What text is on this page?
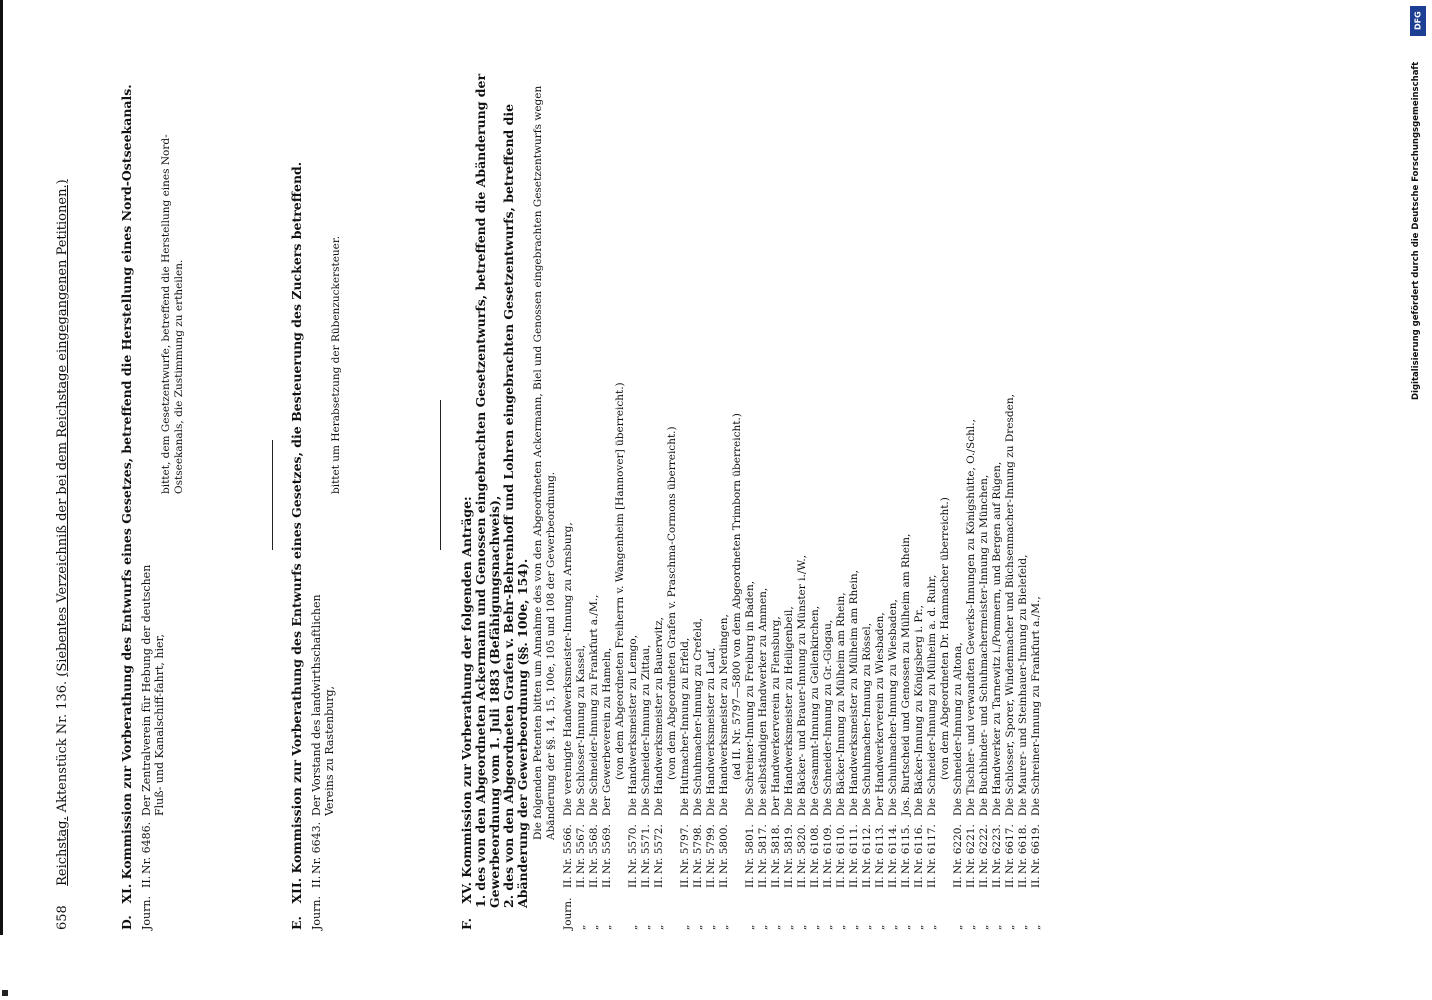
DFG
Digitalisierung gefördert durch die Deutsche Forschungsgemeinschaft
658 Reichstag. Aktenstück Nr. 136. (Siebentes Verzeichniß der bei dem Reichstage eingegangenen Petitionen.)
D. XI. Kommission zur Vorberathung des Entwurfs eines Gesetzes, betreffend die Herstellung eines Nord-Ostseekanals.
Journ.
II.
Nr. 6486.
Der Zentralverein für Hebung der deutschen Fluß- und Kanalschiff-fahrt, hier,
bittet, dem Gesetzentwurfe, betreffend die Herstellung eines Nord-Ostseekanals, die Zustimmung zu ertheilen.
E. XII. Kommission zur Vorberathung des Entwurfs eines Gesetzes, die Besteuerung des Zuckers betreffend.
Journ.
II.
Nr. 6643.
Der Vorstand des landwirthschaftlichen Vereins zu Rastenburg,
bittet um Herabsetzung der Rübenzuckersteuer.
F. XV. Kommission zur Vorberathung der folgenden Anträge: 1. des von den Abgeordneten Ackermann und Genossen eingebrachten Gesetzentwurfs, betreffend die Abänderung der Gewerbeordnung vom 1. Juli 1883 (Befähigungsnachweis), 2. des von den Abgeordneten Grafen v. Behr-Behrenhoff und Lohren eingebrachten Gesetzentwurfs, betreffend die Abänderung der Gewerbeordnung (§§. 100e, 154). Die folgenden Petenten bitten um Annahme des von den Abgeordneten Ackermann, Biel und Genossen eingebrachten Gesetzentwurfs wegen Abänderung der §§. 14, 15, 100e, 105 und 108 der Gewerbeordnung.
Journ.
II.
Nr. 5566.
Die vereinigte Handwerksmeister-Innung zu Arnsburg,
„
II.
Nr. 5567.
Die Schlosser-Innung zu Kassel,
„
II.
Nr. 5568.
Die Schneider-Innung zu Frankfurt a./M.,
„
II.
Nr. 5569.
Der Gewerbeverein zu Hameln, (von dem Abgeordneten Freiherrn v. Wangenheim [Hannover] überreicht.)
„
II.
Nr. 5570.
Die Handwerksmeister zu Lemgo,
„
II.
Nr. 5571.
Die Schneider-Innung zu Zittau,
„
II.
Nr. 5572.
Die Handwerksmeister zu Bauerwitz, (von dem Abgeordneten Grafen v. Praschma-Cormons überreicht.)
„
II.
Nr. 5797.
Die Hutmacher-Innung zu Erfeld,
„
II.
Nr. 5798.
Die Schuhmacher-Innung zu Crefeld,
„
II.
Nr. 5799.
Die Handwerksmeister zu Lauf,
„
II.
Nr. 5800.
Die Handwerksmeister zu Nerdingen, (ad II. Nr. 5797—5800 von dem Abgeordneten Trimborn überreicht.)
„
II.
Nr. 5801.
Die Schreiner-Innung zu Freiburg in Baden,
„
II.
Nr. 5817.
Die selbständigen Handwerker zu Ammen,
„
II.
Nr. 5818.
Der Handwerkerverein zu Flensburg,
„
II.
Nr. 5819.
Die Handwerksmeister zu Heiligenbeil,
„
II.
Nr. 5820.
Die Bäcker- und Brauer-Innung zu Münster i./W.,
„
II.
Nr. 6108.
Die Gesammt-Innung zu Geilenkirchen,
„
II.
Nr. 6109.
Die Schneider-Innung zu Gr.-Glogau,
„
II.
Nr. 6110.
Die Bäcker-Innung zu Mülheim am Rhein,
„
II.
Nr. 6111.
Die Handwerksmeister zu Mülheim am Rhein,
„
II.
Nr. 6112.
Die Schuhmacher-Innung zu Rössel,
„
II.
Nr. 6113.
Der Handwerkerverein zu Wiesbaden,
„
II.
Nr. 6114.
Die Schuhmacher-Innung zu Wiesbaden,
„
II.
Nr. 6115.
Jos. Burtscheid und Genossen zu Mülheim am Rhein,
„
II.
Nr. 6116.
Die Bäcker-Innung zu Königsberg i. Pr.,
„
II.
Nr. 6117.
Die Schneider-Innung zu Mülheim a. d. Ruhr, (von dem Abgeordneten Dr. Hammacher überreicht.)
„
II.
Nr. 6220.
Die Schneider-Innung zu Altona,
„
II.
Nr. 6221.
Die Tischler- und verwandten Gewerks-Innungen zu Königshütte, O./Schl.,
„
II.
Nr. 6222.
Die Buchbinder- und Schuhmachermeister-Innung zu München,
„
II.
Nr. 6223.
Die Handwerker zu Tarnewitz i./Pommern, und Bergen auf Rügen,
„
II.
Nr. 6617.
Die Schlosser, Sporer, Windenmacher und Büchsenmacher-Innung zu Dresden,
„
II.
Nr. 6618.
Die Maurer- und Steinhauer-Innung zu Bielefeld,
„
II.
Nr. 6619.
Die Schreiner-Innung zu Frankfurt a./M.,
